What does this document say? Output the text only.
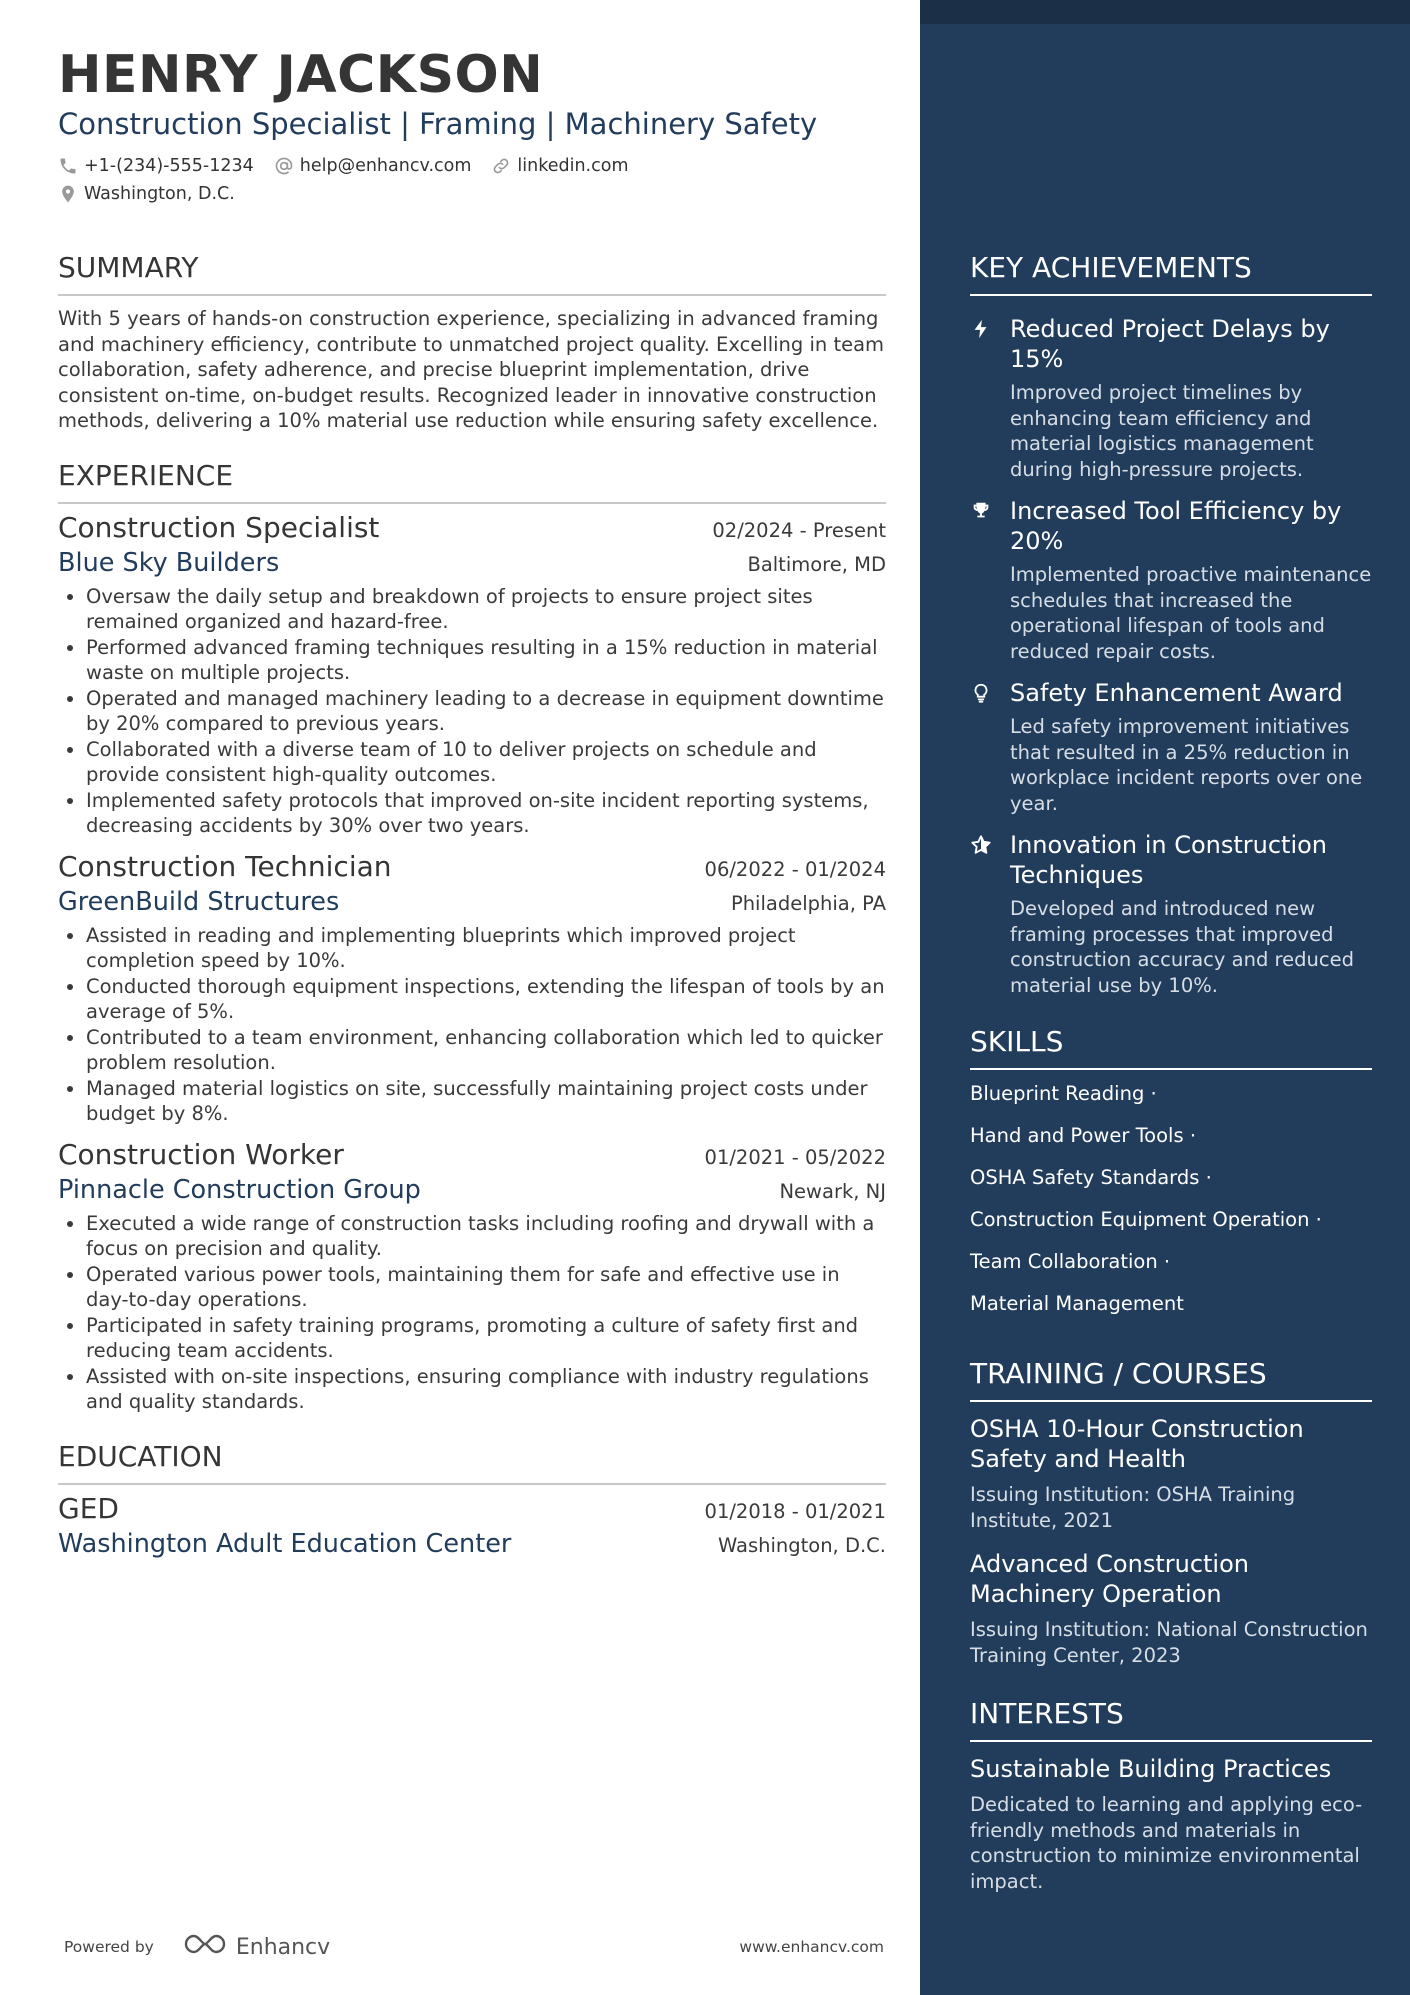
HENRY JACKSON
Construction Specialist | Framing | Machinery Safety
+1-(234)-555-1234	help@enhancv.com	linkedin.com
Washington, D.C.
SUMMARY
With 5 years of hands-on construction experience, specializing in advanced framing and machinery efficiency, contribute to unmatched project quality. Excelling in team collaboration, safety adherence, and precise blueprint implementation, drive consistent on-time, on-budget results. Recognized leader in innovative construction methods, delivering a 10% material use reduction while ensuring safety excellence.
EXPERIENCE
Construction Specialist	02/2024 - Present
Blue Sky Builders	Baltimore, MD
• Oversaw the daily setup and breakdown of projects to ensure project sites remained organized and hazard-free.
• Performed advanced framing techniques resulting in a 15% reduction in material waste on multiple projects.
• Operated and managed machinery leading to a decrease in equipment downtime by 20% compared to previous years.
• Collaborated with a diverse team of 10 to deliver projects on schedule and provide consistent high-quality outcomes.
• Implemented safety protocols that improved on-site incident reporting systems, decreasing accidents by 30% over two years.
Construction Technician	06/2022 - 01/2024
GreenBuild Structures	Philadelphia, PA
• Assisted in reading and implementing blueprints which improved project completion speed by 10%.
• Conducted thorough equipment inspections, extending the lifespan of tools by an average of 5%.
• Contributed to a team environment, enhancing collaboration which led to quicker problem resolution.
• Managed material logistics on site, successfully maintaining project costs under budget by 8%.
Construction Worker	01/2021 - 05/2022
Pinnacle Construction Group	Newark, NJ
• Executed a wide range of construction tasks including roofing and drywall with a focus on precision and quality.
• Operated various power tools, maintaining them for safe and effective use in day-to-day operations.
• Participated in safety training programs, promoting a culture of safety first and reducing team accidents.
• Assisted with on-site inspections, ensuring compliance with industry regulations and quality standards.
EDUCATION
GED	01/2018 - 01/2021
Washington Adult Education Center	Washington, D.C.
Powered by	Enhancv	www.enhancv.com
KEY ACHIEVEMENTS
Reduced Project Delays by 15%
Improved project timelines by enhancing team efficiency and material logistics management during high-pressure projects.
Increased Tool Efficiency by 20%
Implemented proactive maintenance schedules that increased the operational lifespan of tools and reduced repair costs.
Safety Enhancement Award
Led safety improvement initiatives that resulted in a 25% reduction in workplace incident reports over one year.
Innovation in Construction Techniques
Developed and introduced new framing processes that improved construction accuracy and reduced material use by 10%.
SKILLS
Blueprint Reading ·
Hand and Power Tools ·
OSHA Safety Standards ·
Construction Equipment Operation ·
Team Collaboration ·
Material Management
TRAINING / COURSES
OSHA 10-Hour Construction Safety and Health
Issuing Institution: OSHA Training Institute, 2021
Advanced Construction Machinery Operation
Issuing Institution: National Construction Training Center, 2023
INTERESTS
Sustainable Building Practices
Dedicated to learning and applying eco-friendly methods and materials in construction to minimize environmental impact.
